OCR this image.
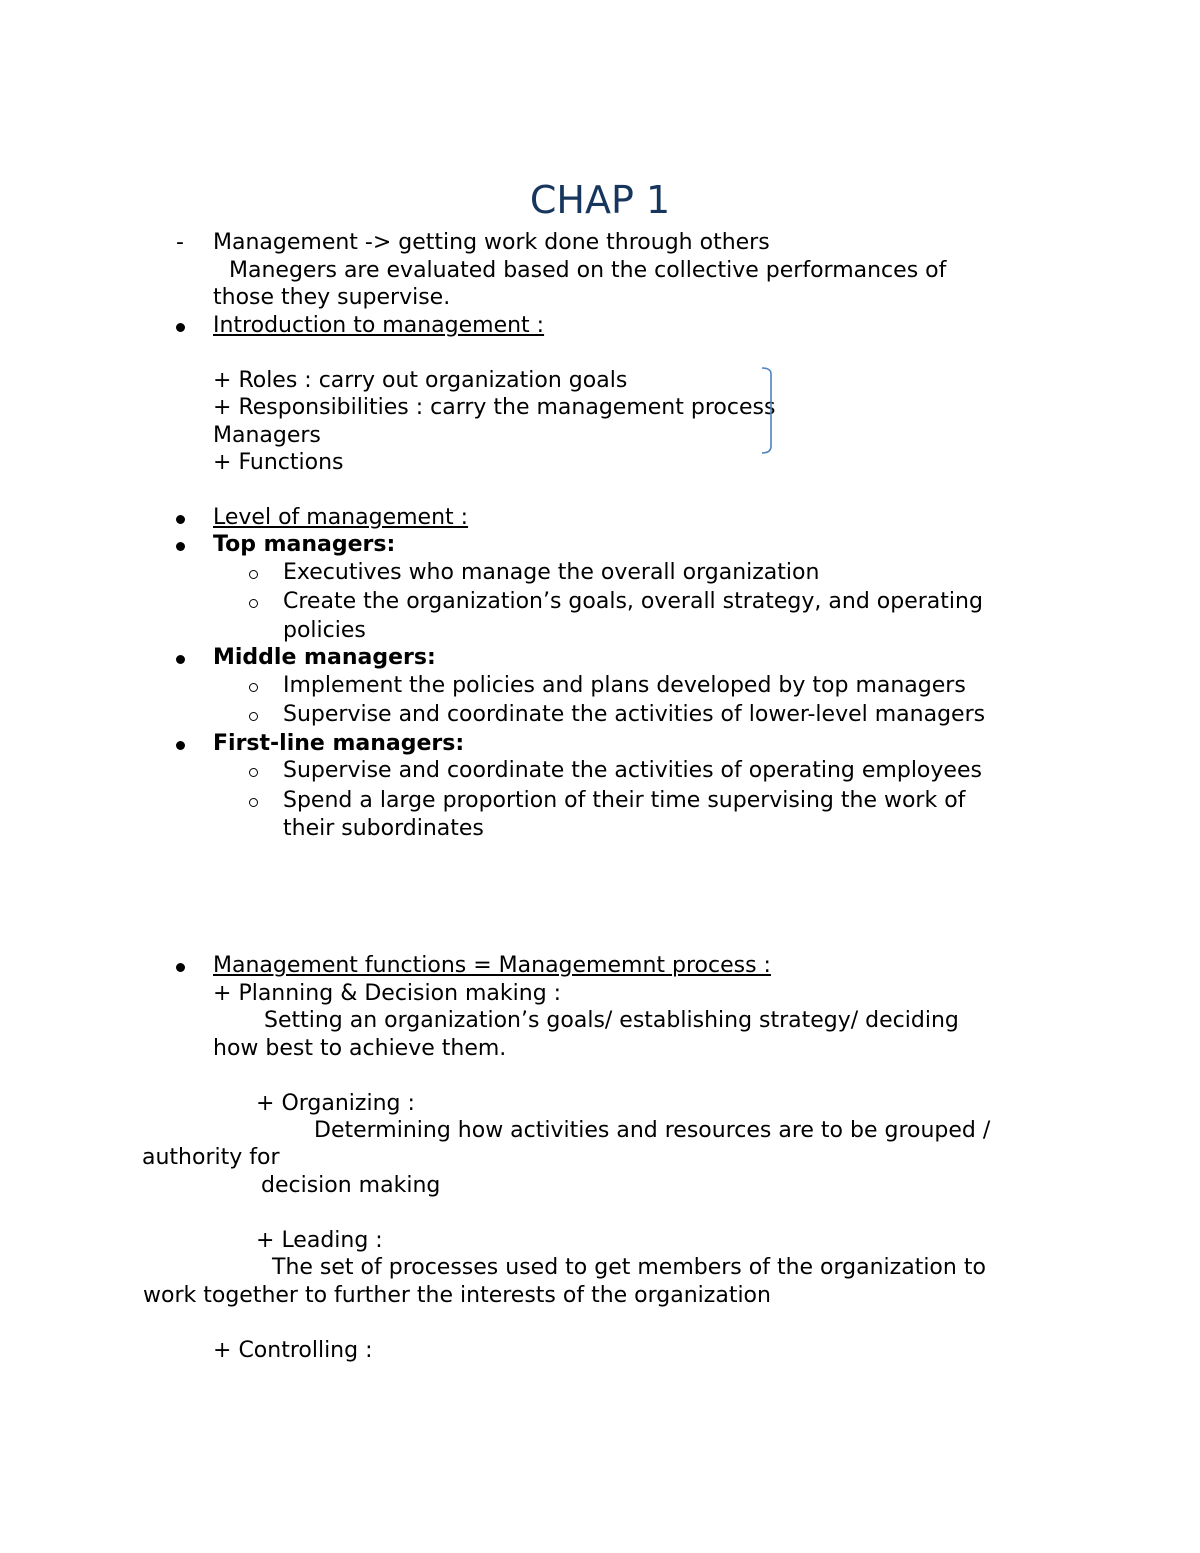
CHAP 1
- Management -> getting work done through others
Manegers are evaluated based on the collective performances of
those they supervise.
Introduction to management :
+ Roles : carry out organization goals
+ Responsibilities : carry the management process
Managers
+ Functions
Level of management :
Top managers:
Executives who manage the overall organization
Create the organization’s goals, overall strategy, and operating
policies
Middle managers:
Implement the policies and plans developed by top managers
Supervise and coordinate the activities of lower-level managers
First-line managers:
Supervise and coordinate the activities of operating employees
Spend a large proportion of their time supervising the work of
their subordinates
Management functions = Managememnt process :
+ Planning & Decision making :
Setting an organization’s goals/ establishing strategy/ deciding
how best to achieve them.
+ Organizing :
Determining how activities and resources are to be grouped /
authority for
decision making
+ Leading :
The set of processes used to get members of the organization to
work together to further the interests of the organization
+ Controlling :
